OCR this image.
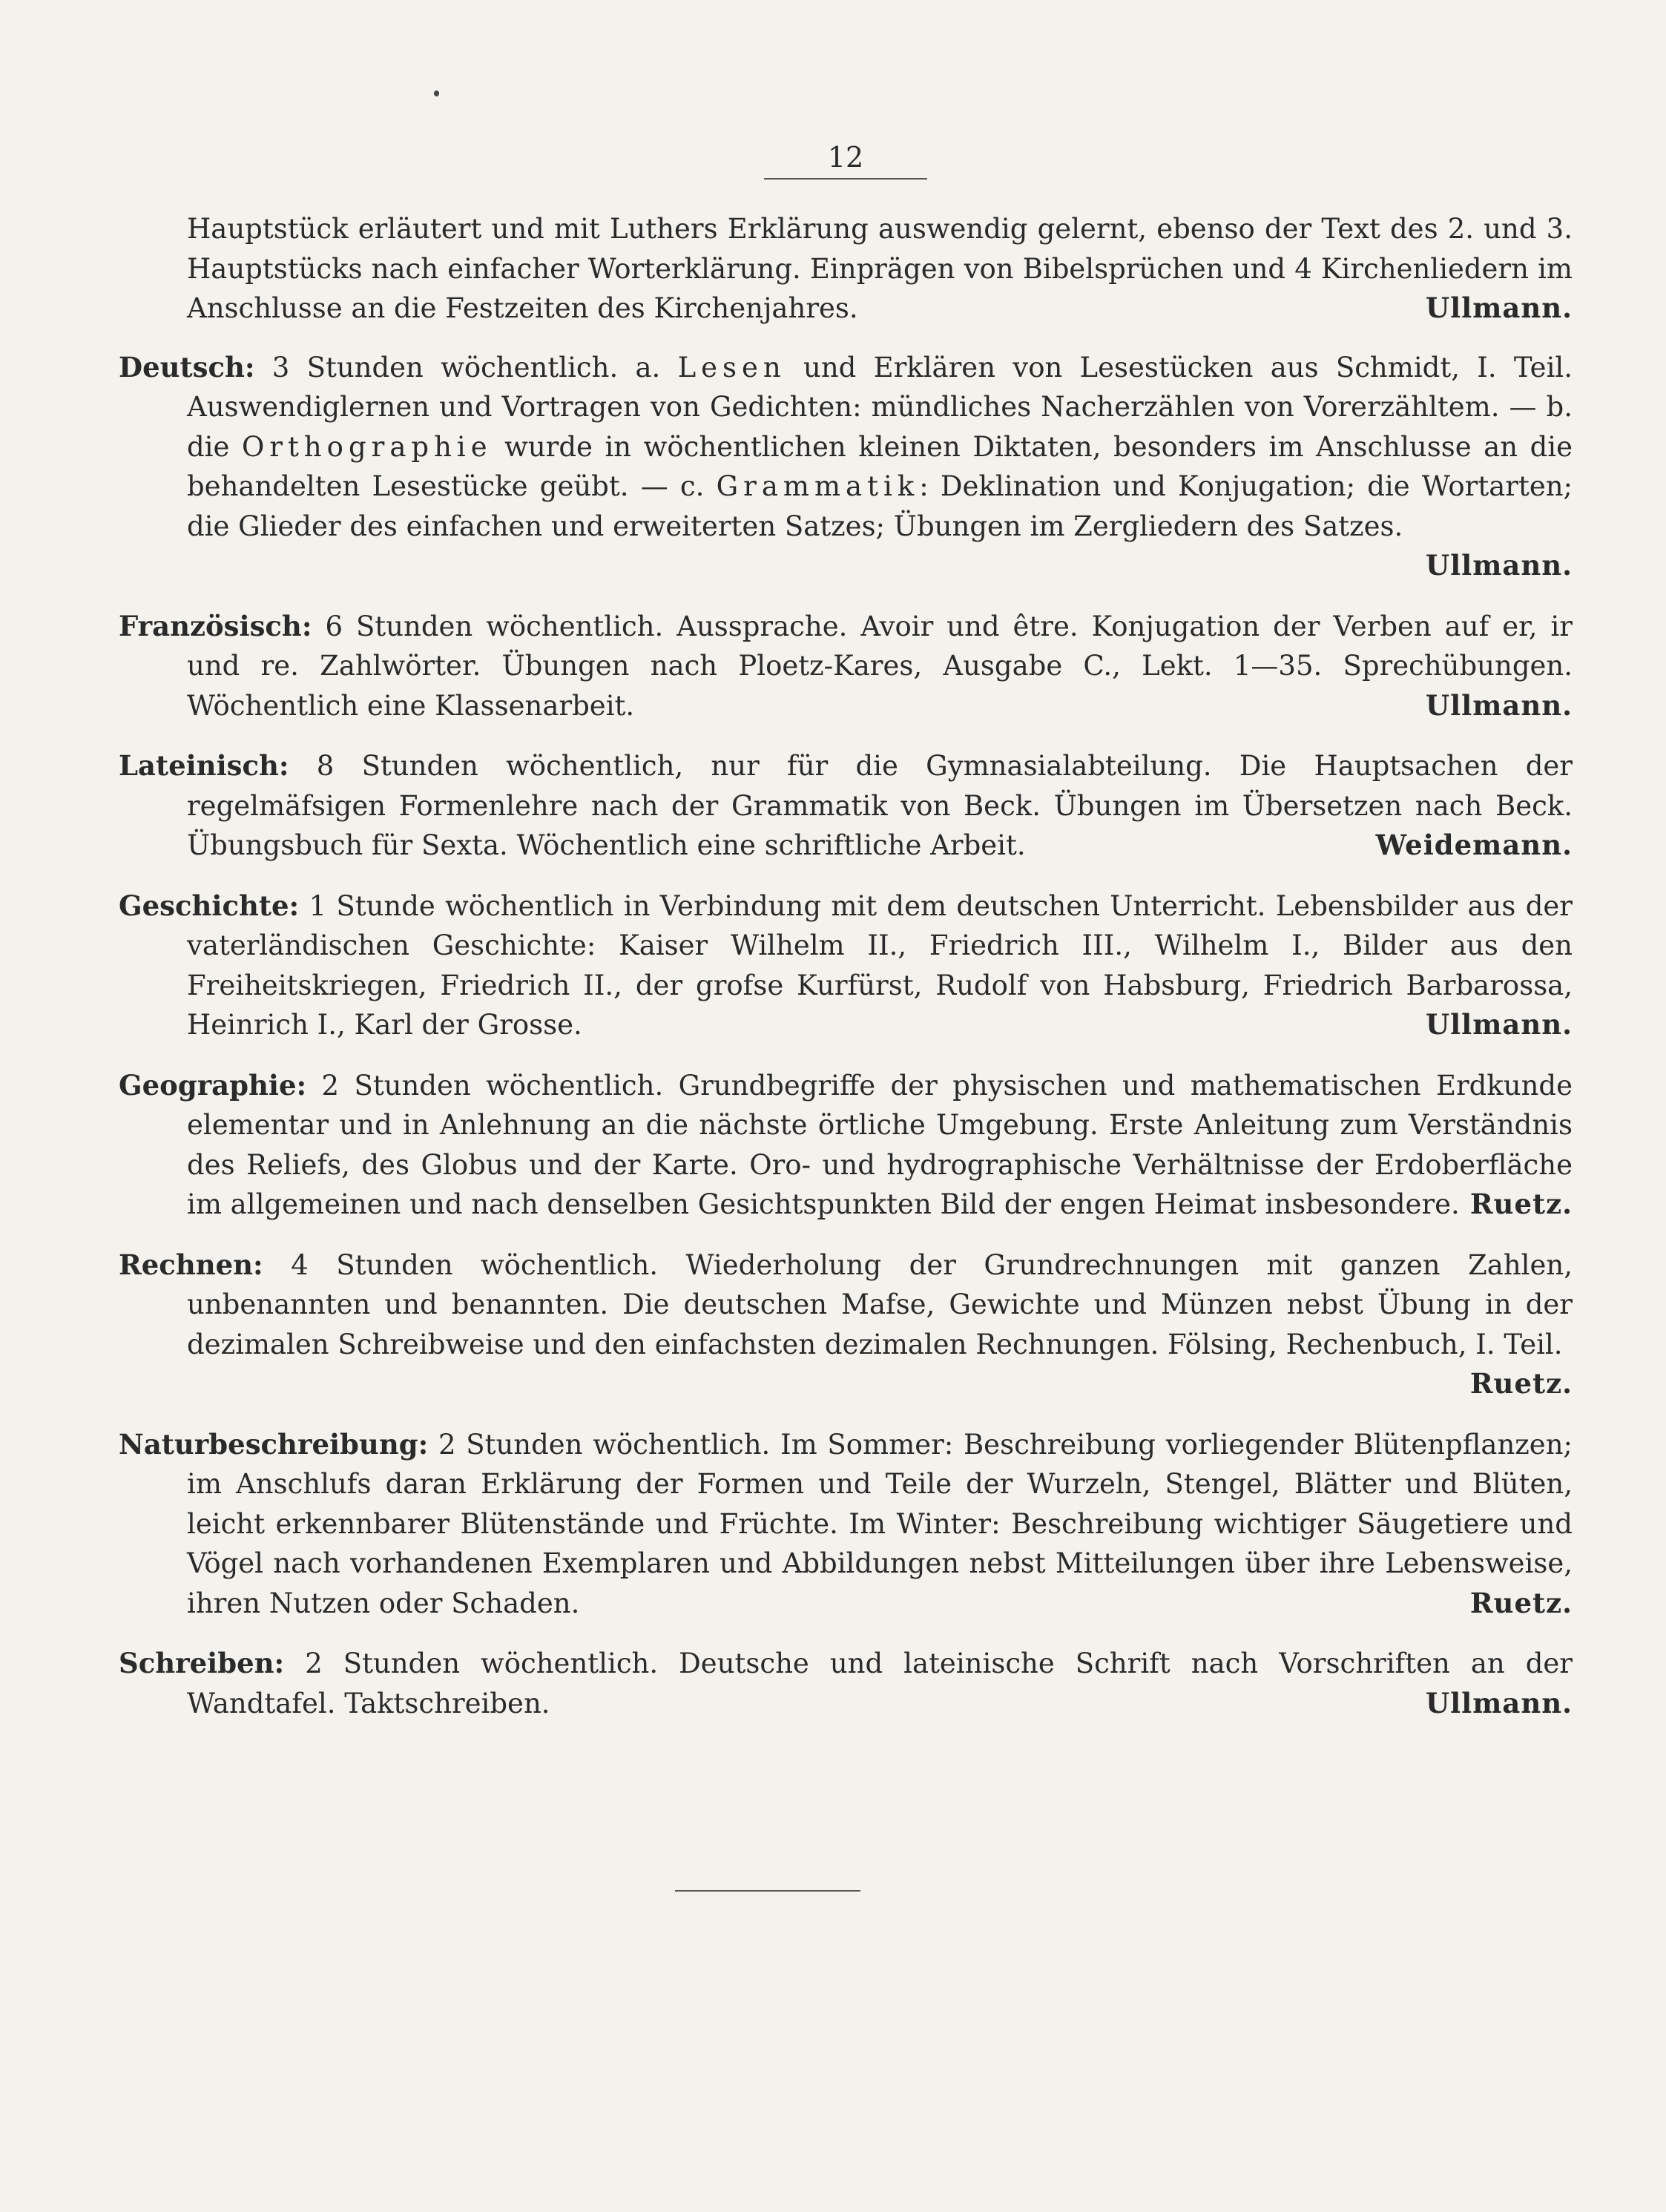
12

Hauptstück erläutert und mit Luthers Erklärung auswendig gelernt, ebenso der Text des 2. und 3. Hauptstücks nach einfacher Worterklärung. Einprägen von Bibelsprüchen und 4 Kirchenliedern im Anschlusse an die Festzeiten des Kirchenjahres.	Ullmann.

Deutsch: 3 Stunden wöchentlich. a. Lesen und Erklären von Lesestücken aus Schmidt, I. Teil. Auswendiglernen und Vortragen von Gedichten: mündliches Nacherzählen von Vorerzähltem. — b. die Orthographie wurde in wöchentlichen kleinen Diktaten, besonders im Anschlusse an die behandelten Lesestücke geübt. — c. Grammatik: Deklination und Konjugation; die Wortarten; die Glieder des einfachen und erweiterten Satzes; Übungen im Zergliedern des Satzes.
Ullmann.

Französisch: 6 Stunden wöchentlich. Aussprache. Avoir und être. Konjugation der Verben auf er, ir und re. Zahlwörter. Übungen nach Ploetz-Kares, Ausgabe C., Lekt. 1—35. Sprechübungen. Wöchentlich eine Klassenarbeit.	Ullmann.

Lateinisch: 8 Stunden wöchentlich, nur für die Gymnasialabteilung. Die Hauptsachen der regelmäfsigen Formenlehre nach der Grammatik von Beck. Übungen im Übersetzen nach Beck. Übungsbuch für Sexta. Wöchentlich eine schriftliche Arbeit.	Weidemann.

Geschichte: 1 Stunde wöchentlich in Verbindung mit dem deutschen Unterricht. Lebensbilder aus der vaterländischen Geschichte: Kaiser Wilhelm II., Friedrich III., Wilhelm I., Bilder aus den Freiheitskriegen, Friedrich II., der grofse Kurfürst, Rudolf von Habsburg, Friedrich Barbarossa, Heinrich I., Karl der Grosse.	Ullmann.

Geographie: 2 Stunden wöchentlich. Grundbegriffe der physischen und mathematischen Erdkunde elementar und in Anlehnung an die nächste örtliche Umgebung. Erste Anleitung zum Verständnis des Reliefs, des Globus und der Karte. Oro- und hydrographische Verhältnisse der Erdoberfläche im allgemeinen und nach denselben Gesichtspunkten Bild der engen Heimat insbesondere. Ruetz.

Rechnen: 4 Stunden wöchentlich. Wiederholung der Grundrechnungen mit ganzen Zahlen, unbenannten und benannten. Die deutschen Mafse, Gewichte und Münzen nebst Übung in der dezimalen Schreibweise und den einfachsten dezimalen Rechnungen. Fölsing, Rechenbuch, I. Teil.
Ruetz.

Naturbeschreibung: 2 Stunden wöchentlich. Im Sommer: Beschreibung vorliegender Blütenpflanzen; im Anschlufs daran Erklärung der Formen und Teile der Wurzeln, Stengel, Blätter und Blüten, leicht erkennbarer Blütenstände und Früchte. Im Winter: Beschreibung wichtiger Säugetiere und Vögel nach vorhandenen Exemplaren und Abbildungen nebst Mitteilungen über ihre Lebensweise, ihren Nutzen oder Schaden.	Ruetz.

Schreiben: 2 Stunden wöchentlich. Deutsche und lateinische Schrift nach Vorschriften an der Wandtafel. Taktschreiben.	Ullmann.
